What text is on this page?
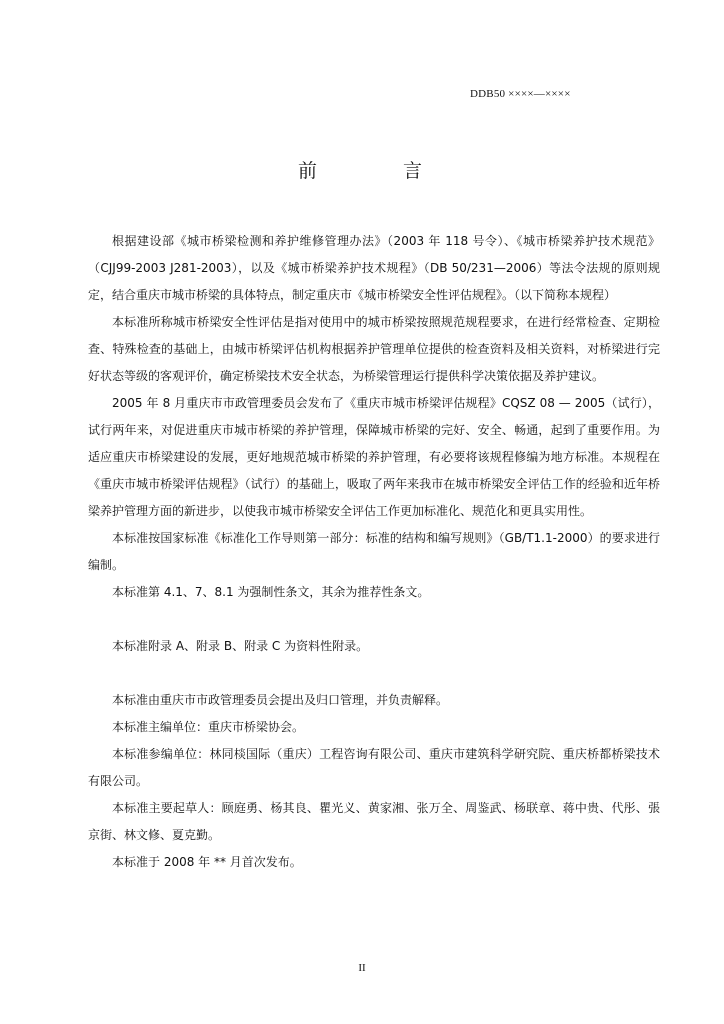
DDB50 ××××—××××
前 言

根据建设部《城市桥梁检测和养护维修管理办法》（2003 年 118 号令）、《城市桥梁养护技术规范》（CJJ99-2003 J281-2003），以及《城市桥梁养护技术规程》（DB 50/231—2006）等法令法规的原则规定，结合重庆市城市桥梁的具体特点，制定重庆市《城市桥梁安全性评估规程》。（以下简称本规程）

本标准所称城市桥梁安全性评估是指对使用中的城市桥梁按照规范规程要求，在进行经常检查、定期检查、特殊检查的基础上，由城市桥梁评估机构根据养护管理单位提供的检查资料及相关资料，对桥梁进行完好状态等级的客观评价，确定桥梁技术安全状态，为桥梁管理运行提供科学决策依据及养护建议。

2005 年 8 月重庆市市政管理委员会发布了《重庆市城市桥梁评估规程》CQSZ 08 — 2005（试行），试行两年来，对促进重庆市城市桥梁的养护管理，保障城市桥梁的完好、安全、畅通，起到了重要作用。为适应重庆市桥梁建设的发展，更好地规范城市桥梁的养护管理，有必要将该规程修编为地方标准。本规程在《重庆市城市桥梁评估规程》（试行）的基础上，吸取了两年来我市在城市桥梁安全评估工作的经验和近年桥梁养护管理方面的新进步，以使我市城市桥梁安全评估工作更加标准化、规范化和更具实用性。

本标准按国家标准《标准化工作导则第一部分：标准的结构和编写规则》（GB/T1.1-2000）的要求进行编制。

本标准第 4.1、7、8.1 为强制性条文，其余为推荐性条文。

本标准附录 A、附录 B、附录 C 为资料性附录。

本标准由重庆市市政管理委员会提出及归口管理，并负责解释。

本标准主编单位：重庆市桥梁协会。

本标准参编单位：林同棪国际（重庆）工程咨询有限公司、重庆市建筑科学研究院、重庆桥都桥梁技术有限公司。

本标准主要起草人：顾庭勇、杨其良、瞿光义、黄家湘、张万全、周鉴武、杨联章、蒋中贵、代彤、張京街、林文修、夏克勤。

本标准于 2008 年 ** 月首次发布。

II
